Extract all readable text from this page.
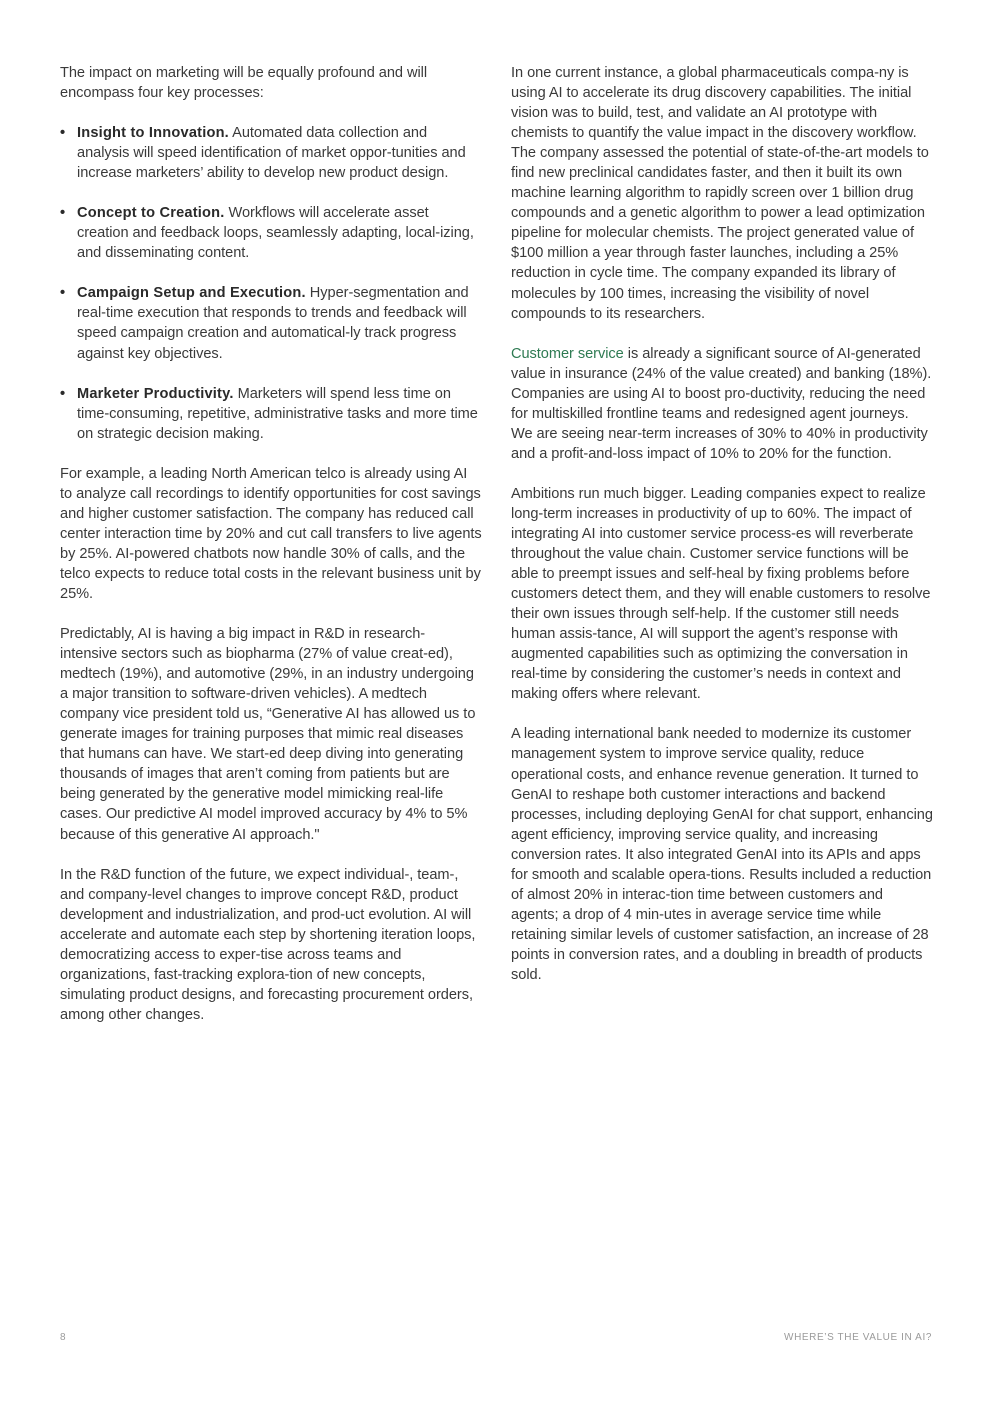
The impact on marketing will be equally profound and will encompass four key processes:

• Insight to Innovation. Automated data collection and analysis will speed identification of market oppor-tunities and increase marketers’ ability to develop new product design.
• Concept to Creation. Workflows will accelerate asset creation and feedback loops, seamlessly adapting, local-izing, and disseminating content.
• Campaign Setup and Execution. Hyper-segmentation and real-time execution that responds to trends and feedback will speed campaign creation and automatical-ly track progress against key objectives.
• Marketer Productivity. Marketers will spend less time on time-consuming, repetitive, administrative tasks and more time on strategic decision making.

For example, a leading North American telco is already using AI to analyze call recordings to identify opportunities for cost savings and higher customer satisfaction. The company has reduced call center interaction time by 20% and cut call transfers to live agents by 25%. AI-powered chatbots now handle 30% of calls, and the telco expects to reduce total costs in the relevant business unit by 25%.

Predictably, AI is having a big impact in R&D in research-intensive sectors such as biopharma (27% of value creat-ed), medtech (19%), and automotive (29%, in an industry undergoing a major transition to software-driven vehicles). A medtech company vice president told us, “Generative AI has allowed us to generate images for training purposes that mimic real diseases that humans can have. We start-ed deep diving into generating thousands of images that aren’t coming from patients but are being generated by the generative model mimicking real-life cases. Our predictive AI model improved accuracy by 4% to 5% because of this generative AI approach."

In the R&D function of the future, we expect individual-, team-, and company-level changes to improve concept R&D, product development and industrialization, and prod-uct evolution. AI will accelerate and automate each step by shortening iteration loops, democratizing access to exper-tise across teams and organizations, fast-tracking explora-tion of new concepts, simulating product designs, and forecasting procurement orders, among other changes.

In one current instance, a global pharmaceuticals compa-ny is using AI to accelerate its drug discovery capabilities. The initial vision was to build, test, and validate an AI prototype with chemists to quantify the value impact in the discovery workflow. The company assessed the potential of state-of-the-art models to find new preclinical candidates faster, and then it built its own machine learning algorithm to rapidly screen over 1 billion drug compounds and a genetic algorithm to power a lead optimization pipeline for molecular chemists. The project generated value of $100 million a year through faster launches, including a 25% reduction in cycle time. The company expanded its library of molecules by 100 times, increasing the visibility of novel compounds to its researchers.

Customer service is already a significant source of AI-generated value in insurance (24% of the value created) and banking (18%). Companies are using AI to boost pro-ductivity, reducing the need for multiskilled frontline teams and redesigned agent journeys. We are seeing near-term increases of 30% to 40% in productivity and a profit-and-loss impact of 10% to 20% for the function.

Ambitions run much bigger. Leading companies expect to realize long-term increases in productivity of up to 60%. The impact of integrating AI into customer service process-es will reverberate throughout the value chain. Customer service functions will be able to preempt issues and self-heal by fixing problems before customers detect them, and they will enable customers to resolve their own issues through self-help. If the customer still needs human assis-tance, AI will support the agent’s response with augmented capabilities such as optimizing the conversation in real-time by considering the customer’s needs in context and making offers where relevant.

A leading international bank needed to modernize its customer management system to improve service quality, reduce operational costs, and enhance revenue generation. It turned to GenAI to reshape both customer interactions and backend processes, including deploying GenAI for chat support, enhancing agent efficiency, improving service quality, and increasing conversion rates. It also integrated GenAI into its APIs and apps for smooth and scalable opera-tions. Results included a reduction of almost 20% in interac-tion time between customers and agents; a drop of 4 min-utes in average service time while retaining similar levels of customer satisfaction, an increase of 28 points in conversion rates, and a doubling in breadth of products sold.

8	WHERE’S THE VALUE IN AI?
